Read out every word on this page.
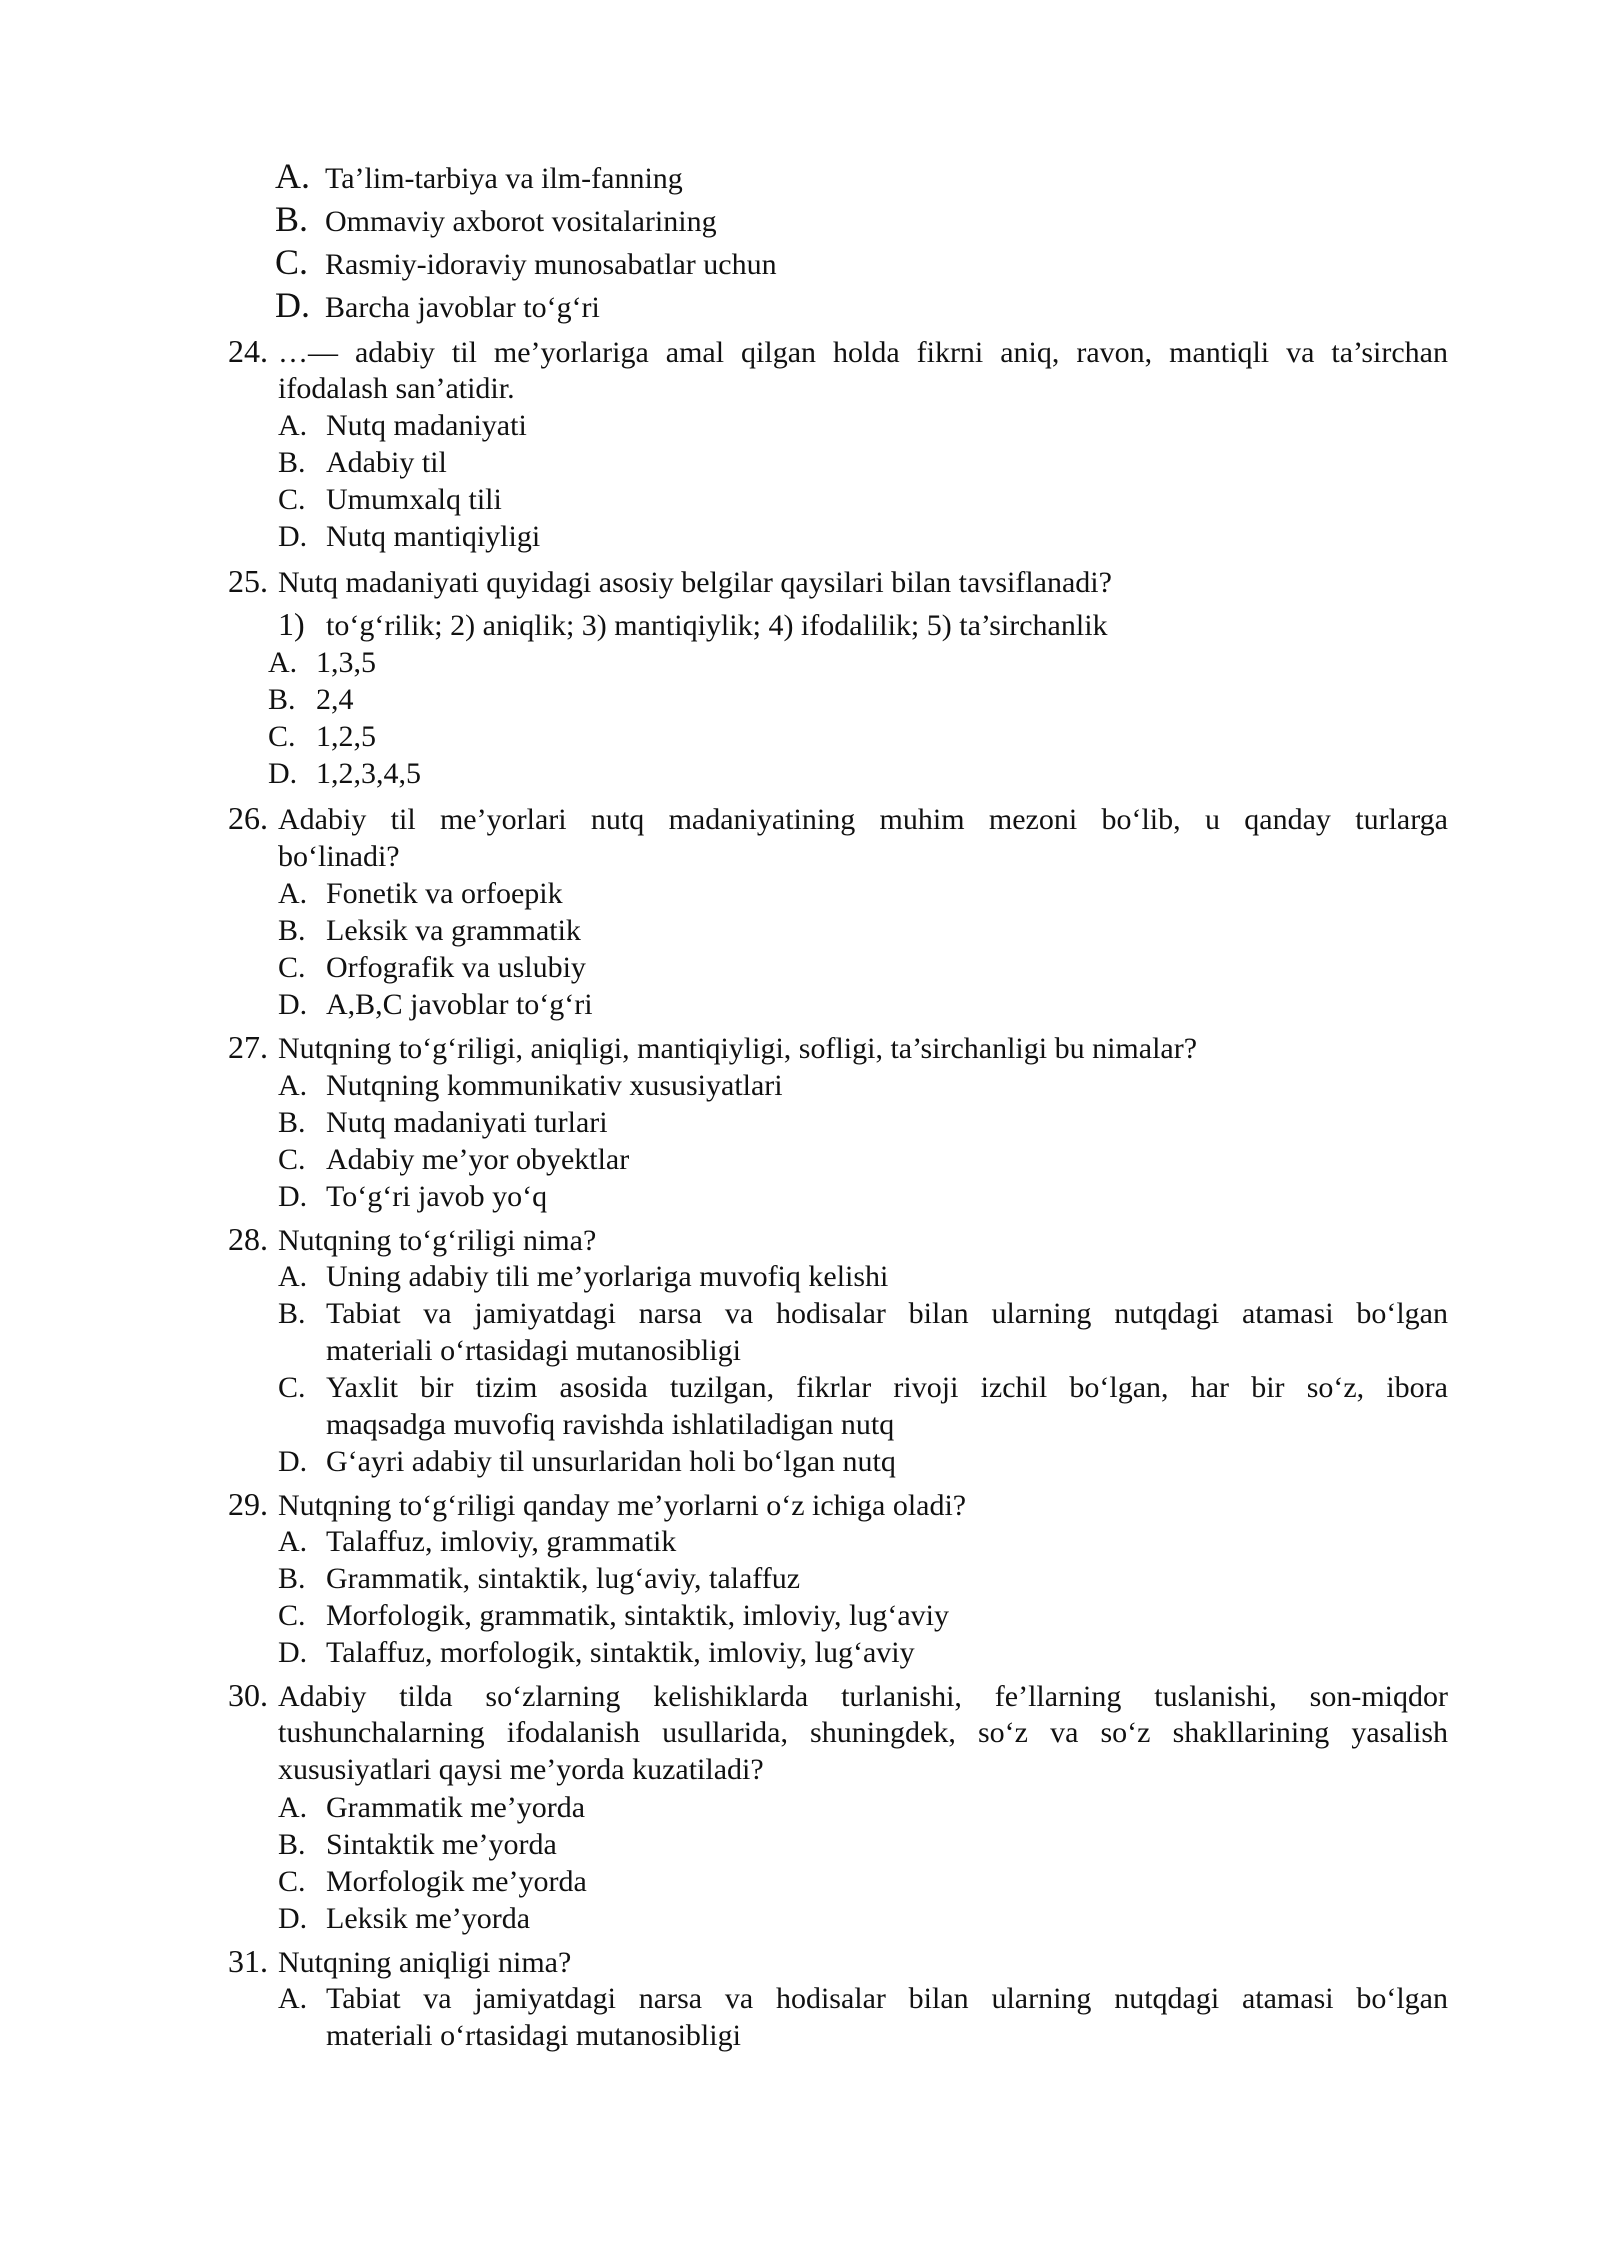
A. Ta’lim-tarbiya va ilm-fanning
B. Ommaviy axborot vositalarining
C. Rasmiy-idoraviy munosabatlar uchun
D. Barcha javoblar to‘g‘ri
24. …— adabiy til me’yorlariga amal qilgan holda fikrni aniq, ravon, mantiqli va ta’sirchan
ifodalash san’atidir.
A. Nutq madaniyati
B. Adabiy til
C. Umumxalq tili
D. Nutq mantiqiyligi
25. Nutq madaniyati quyidagi asosiy belgilar qaysilari bilan tavsiflanadi?
1) to‘g‘rilik; 2) aniqlik; 3) mantiqiylik; 4) ifodalilik; 5) ta’sirchanlik
A. 1,3,5
B. 2,4
C. 1,2,5
D. 1,2,3,4,5
26. Adabiy til me’yorlari nutq madaniyatining muhim mezoni bo‘lib, u qanday turlarga
bo‘linadi?
A. Fonetik va orfoepik
B. Leksik va grammatik
C. Orfografik va uslubiy
D. A,B,C javoblar to‘g‘ri
27. Nutqning to‘g‘riligi, aniqligi, mantiqiyligi, sofligi, ta’sirchanligi bu nimalar?
A. Nutqning kommunikativ xususiyatlari
B. Nutq madaniyati turlari
C. Adabiy me’yor obyektlar
D. To‘g‘ri javob yo‘q
28. Nutqning to‘g‘riligi nima?
A. Uning adabiy tili me’yorlariga muvofiq kelishi
B. Tabiat va jamiyatdagi narsa va hodisalar bilan ularning nutqdagi atamasi bo‘lgan
materiali o‘rtasidagi mutanosibligi
C. Yaxlit bir tizim asosida tuzilgan, fikrlar rivoji izchil bo‘lgan, har bir so‘z, ibora
maqsadga muvofiq ravishda ishlatiladigan nutq
D. G‘ayri adabiy til unsurlaridan holi bo‘lgan nutq
29. Nutqning to‘g‘riligi qanday me’yorlarni o‘z ichiga oladi?
A. Talaffuz, imloviy, grammatik
B. Grammatik, sintaktik, lug‘aviy, talaffuz
C. Morfologik, grammatik, sintaktik, imloviy, lug‘aviy
D. Talaffuz, morfologik, sintaktik, imloviy, lug‘aviy
30. Adabiy tilda so‘zlarning kelishiklarda turlanishi, fe’llarning tuslanishi, son-miqdor
tushunchalarning ifodalanish usullarida, shuningdek, so‘z va so‘z shakllarining yasalish
xususiyatlari qaysi me’yorda kuzatiladi?
A. Grammatik me’yorda
B. Sintaktik me’yorda
C. Morfologik me’yorda
D. Leksik me’yorda
31. Nutqning aniqligi nima?
A. Tabiat va jamiyatdagi narsa va hodisalar bilan ularning nutqdagi atamasi bo‘lgan
materiali o‘rtasidagi mutanosibligi
